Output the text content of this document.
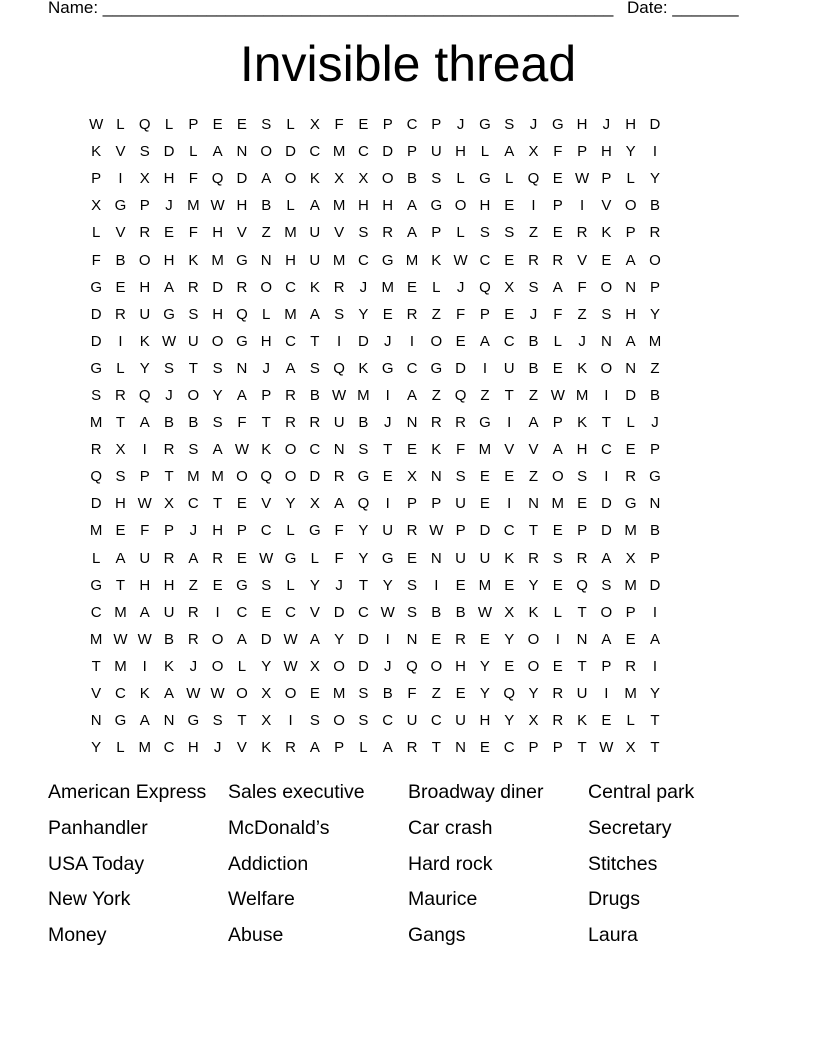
Name: ______________________________________________________ Date: _______
Invisible thread
W L Q L	P E E S	L	X F E P C P	J G S	J G H	J	H D
K V S D L	A N O D C M C D P U H L	A X F P H Y	I
P	I	X H F Q D A O K X X O B S	L G L Q E W P	L	Y
X G P	J M W H B	L	A M H H A G O H E	I	P	I	V O B
L	V R E F H V Z M U V S R A P	L	S S Z E R K P R
F B O H K M G N H U M C G M K W C E R R V E A O
G E H A R D R O C K R	J M E	L	J Q X S A F O N P
D R U G S H Q L M A S Y E R Z	F P E	J	F	Z S H Y
D	I	K W U O G H C T	I	D	J	I	O E A C B	L	J	N A M
G L	Y S T S N	J	A S Q K G C G D	I	U B E K O N Z
S R Q J O Y A P R B W M	I	A Z Q Z	T	Z W M	I	D B
M T A B B S F	T R R U B	J	N R R G	I	A P K T	L	J
R X	I	R S A W K O C N S T E K F M V V A H C E P
Q S P T M M O Q O D R G E X N S E E Z O S	I	R G
D H W X C T E V Y X A Q	I	P P U E	I	N M E D G N
M E F P	J	H P C L G F Y U R W P D C T E P D M B
L	A U R A R E W G L	F Y G E N U U K R S R A X P
G T H H Z E G S	L	Y	J	T Y S	I	E M E Y E Q S M D
C M A U R	I	C E C V D C W S B B W X K	L	T O P	I
M W W B R O A D W A Y D	I	N E R E Y O	I	N A E A
T M	I	K	J O L	Y W X O D	J Q O H Y E O E T P R	I
V C K A W W O X O E M S B F	Z E Y Q Y R U	I	M Y
N G A N G S T X	I	S O S C U C U H Y X R K E	L	T
Y	L M C H	J	V K R A P	L	A R T N E C P P T W X T
American Express	Sales executive	Broadway diner	Central park
Panhandler	McDonald’s	Car crash	Secretary
USA Today	Addiction	Hard rock	Stitches
New York	Welfare	Maurice	Drugs
Money	Abuse	Gangs	Laura
